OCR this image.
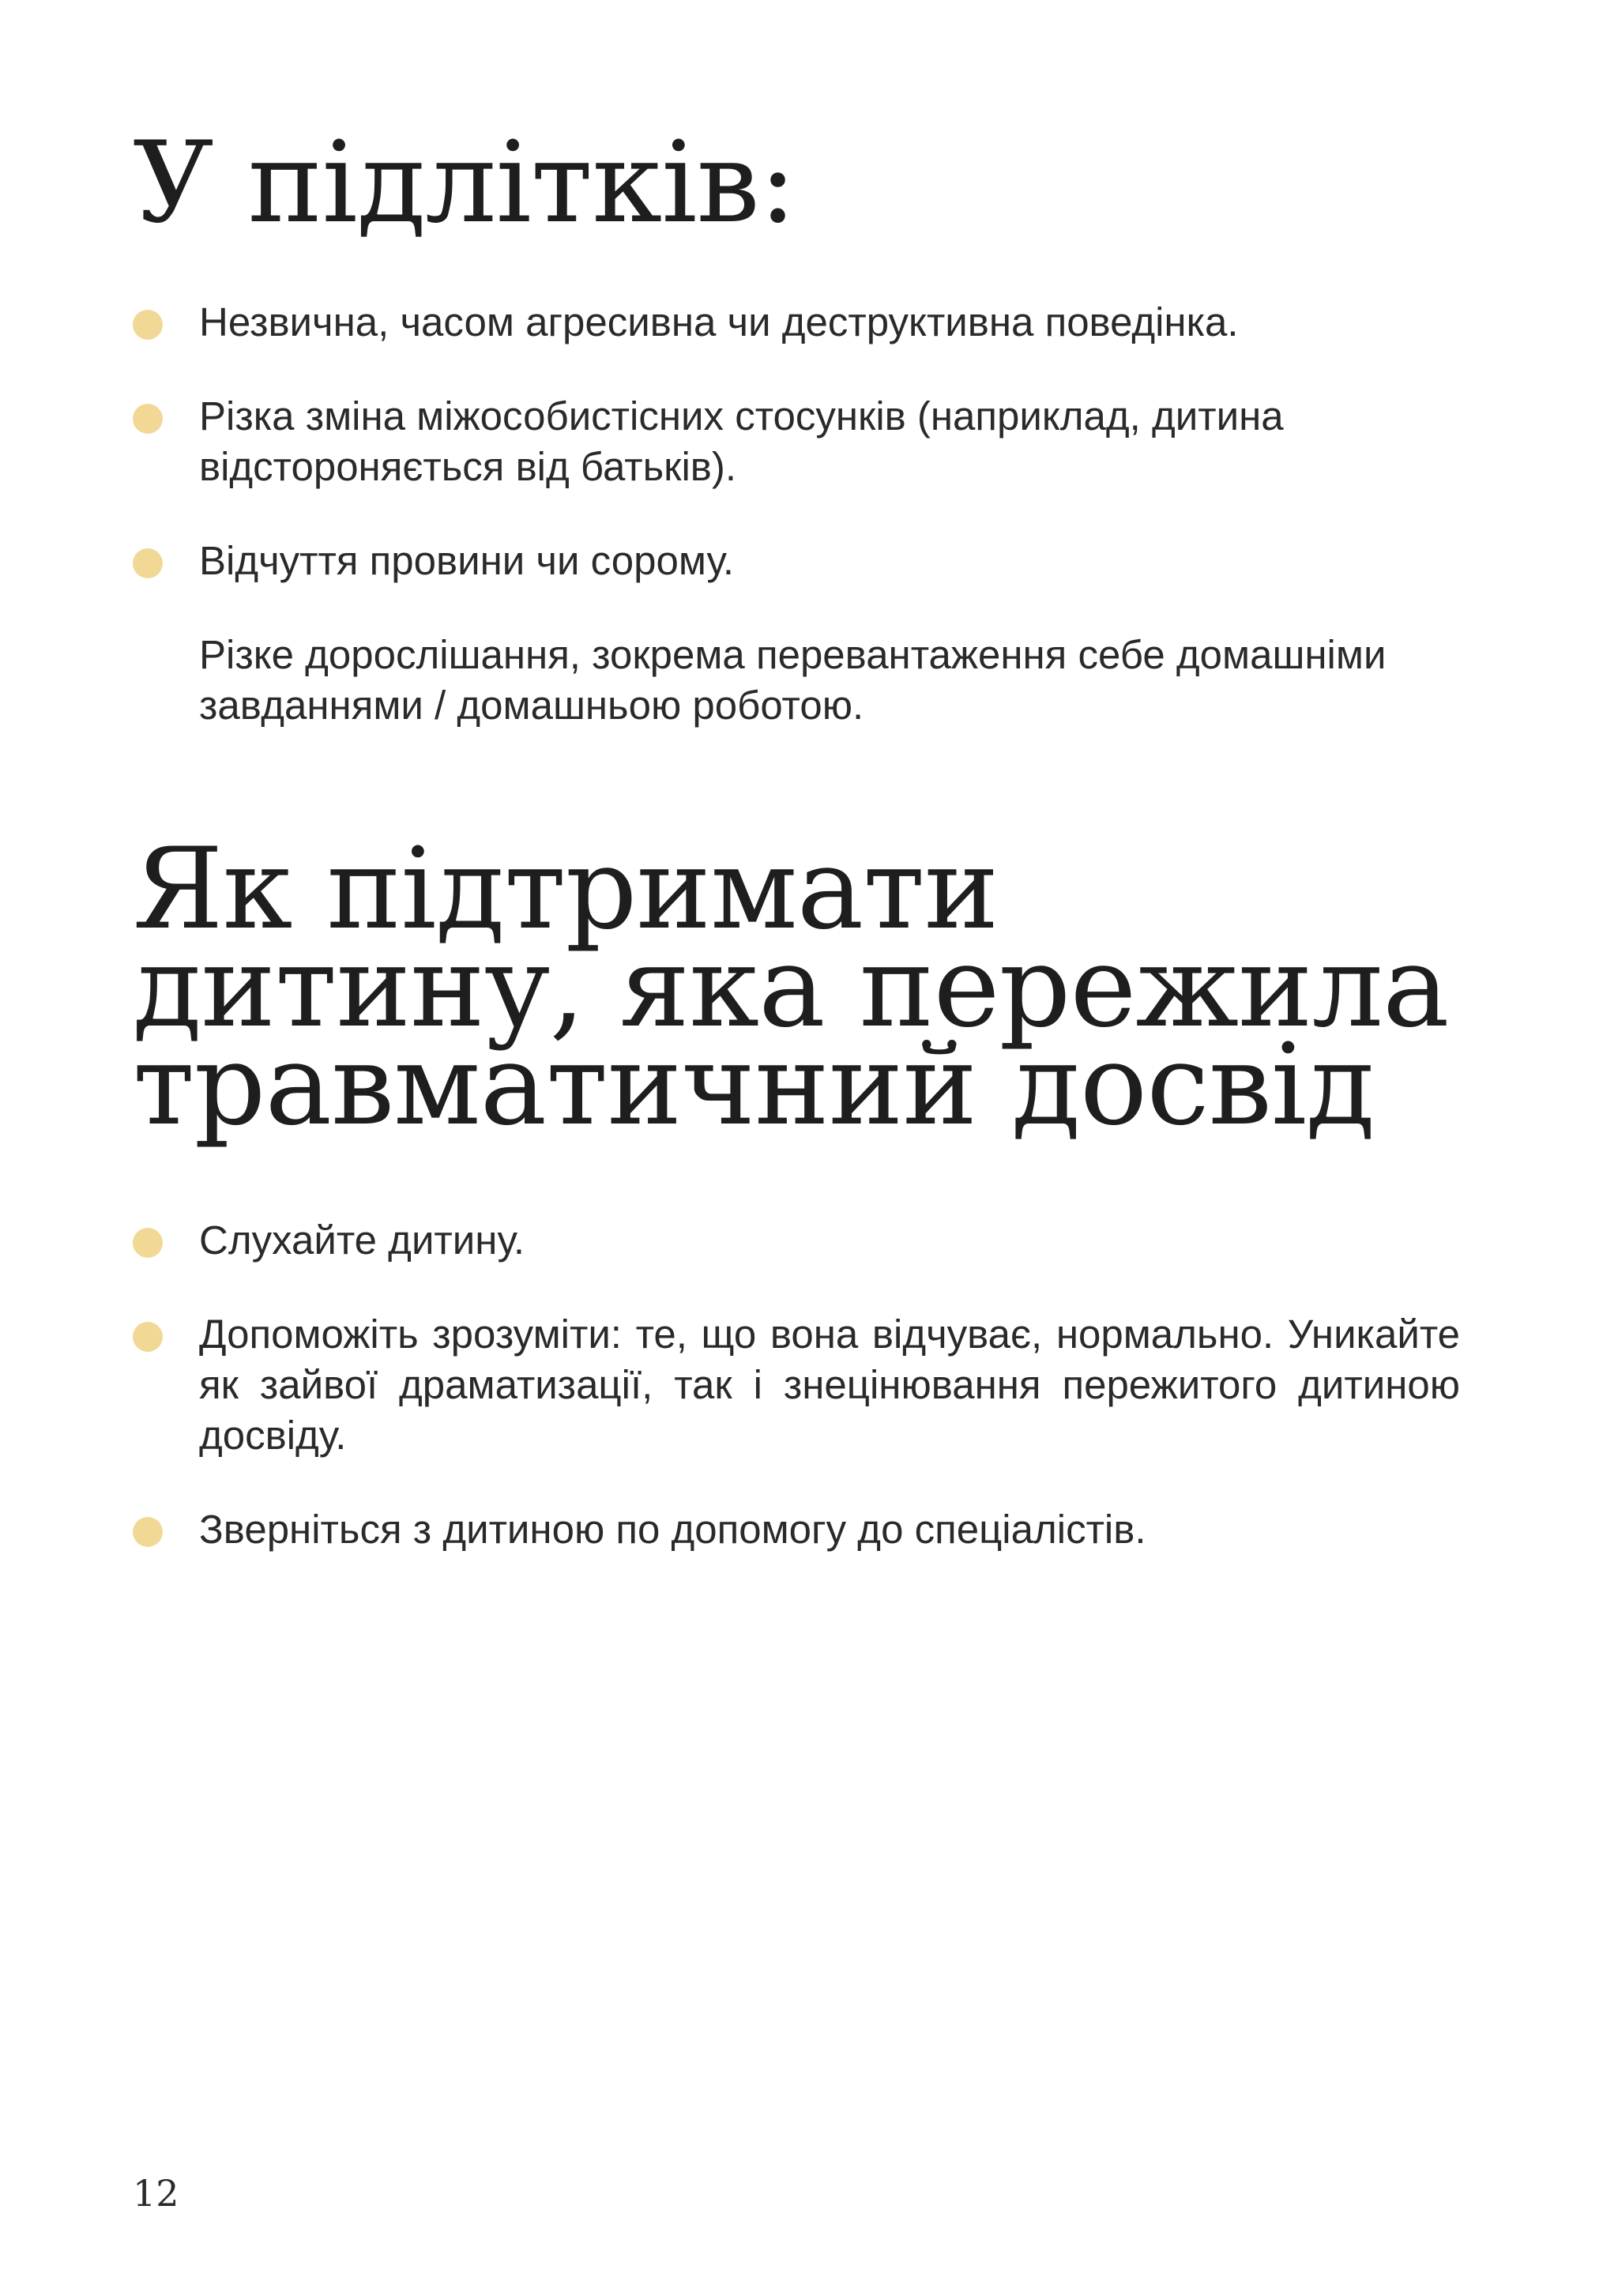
У підлітків:
Незвична, часом агресивна чи деструктивна поведінка.
Різка зміна міжособистісних стосунків (наприклад, дитина відстороняється від батьків).
Відчуття провини чи сорому.
Різке дорослішання, зокрема перевантаження себе домашніми завданнями / домашньою роботою.
Як підтримати
дитину, яка пережила
травматичний досвід
Слухайте дитину.
Допоможіть зрозуміти: те, що вона відчуває, нормально. Уникайте як зайвої драматизації, так і знецінювання пережитого дитиною досвіду.
Зверніться з дитиною по допомогу до спеціалістів.
12
